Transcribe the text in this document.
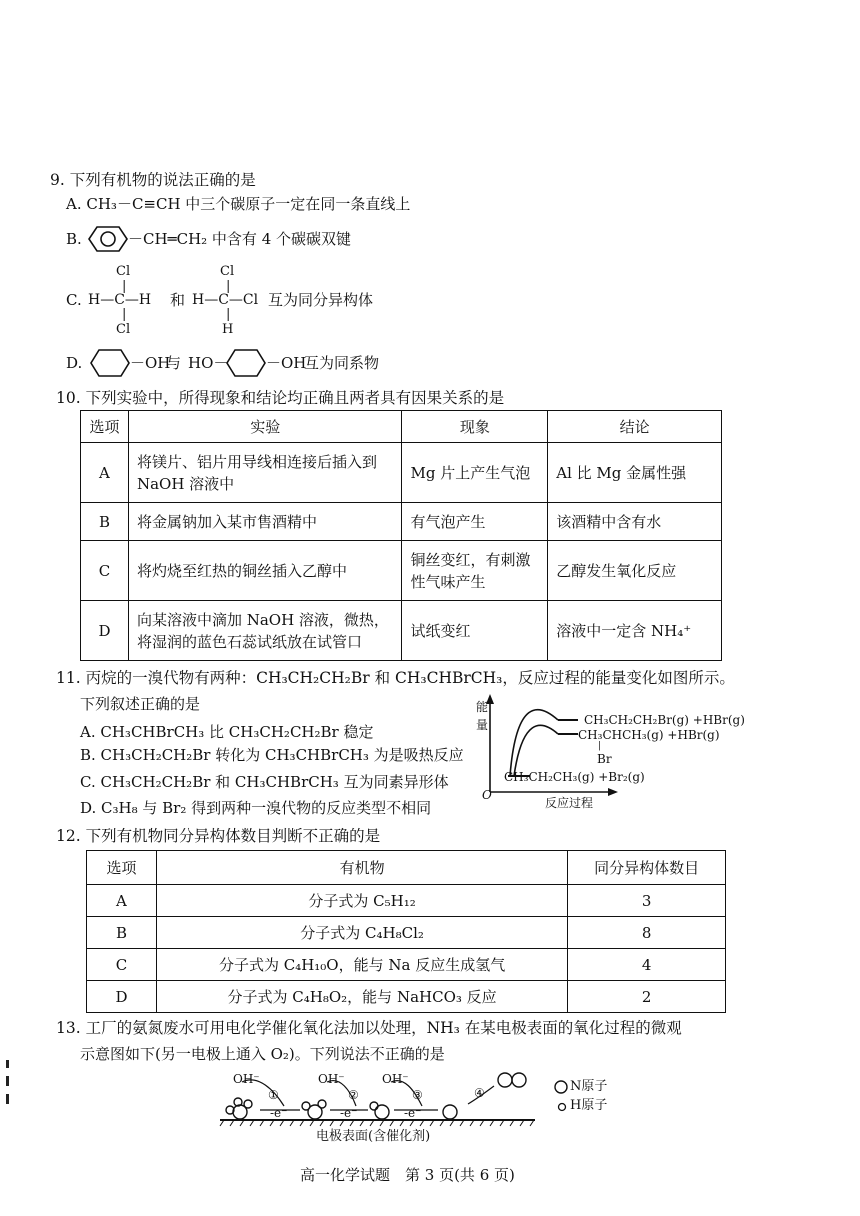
9. 下列有机物的说法正确的是
A. CH₃－C≡CH 中三个碳原子一定在同一条直线上
B.	－CH═CH₂ 中含有 4 个碳碳双键
C.
Cl
|
H—C—H
|
Cl
和
Cl
|
H—C—Cl
|
H
互为同分异构体
D.	－OH
与 HO－	－OH
互为同系物
10. 下列实验中，所得现象和结论均正确且两者具有因果关系的是
选项	实验	现象	结论
A	将镁片、铝片用导线相连接后插入到 NaOH 溶液中	Mg 片上产生气泡	Al 比 Mg 金属性强
B	将金属钠加入某市售酒精中	有气泡产生	该酒精中含有水
C	将灼烧至红热的铜丝插入乙醇中	铜丝变红，有刺激性气味产生	乙醇发生氧化反应
D	向某溶液中滴加 NaOH 溶液，微热，将湿润的蓝色石蕊试纸放在试管口	试纸变红	溶液中一定含 NH₄⁺
11. 丙烷的一溴代物有两种：CH₃CH₂CH₂Br 和 CH₃CHBrCH₃，反应过程的能量变化如图所示。
下列叙述正确的是
A. CH₃CHBrCH₃ 比 CH₃CH₂CH₂Br 稳定
B. CH₃CH₂CH₂Br 转化为 CH₃CHBrCH₃ 为是吸热反应
C. CH₃CH₂CH₂Br 和 CH₃CHBrCH₃ 互为同素异形体
D. C₃H₈ 与 Br₂ 得到两种一溴代物的反应类型不相同
能
量
O
反应过程
CH₃CH₂CH₂Br(g) +HBr(g)
CH₃CHCH₃(g) +HBr(g)
|
Br
CH₃CH₂CH₃(g) +Br₂(g)
12. 下列有机物同分异构体数目判断不正确的是
选项	有机物	同分异构体数目
A	分子式为 C₅H₁₂	3
B	分子式为 C₄H₈Cl₂	8
C	分子式为 C₄H₁₀O，能与 Na 反应生成氢气	4
D	分子式为 C₄H₈O₂，能与 NaHCO₃ 反应	2
13. 工厂的氨氮废水可用电化学催化氧化法加以处理，NH₃ 在某电极表面的氧化过程的微观
示意图如下(另一电极上通入 O₂)。下列说法不正确的是
OH⁻	OH⁻	OH⁻
①	②	③	④
-e⁻	-e⁻	-e⁻
N原子
H原子
电极表面(含催化剂)
高一化学试题　第 3 页(共 6 页)
